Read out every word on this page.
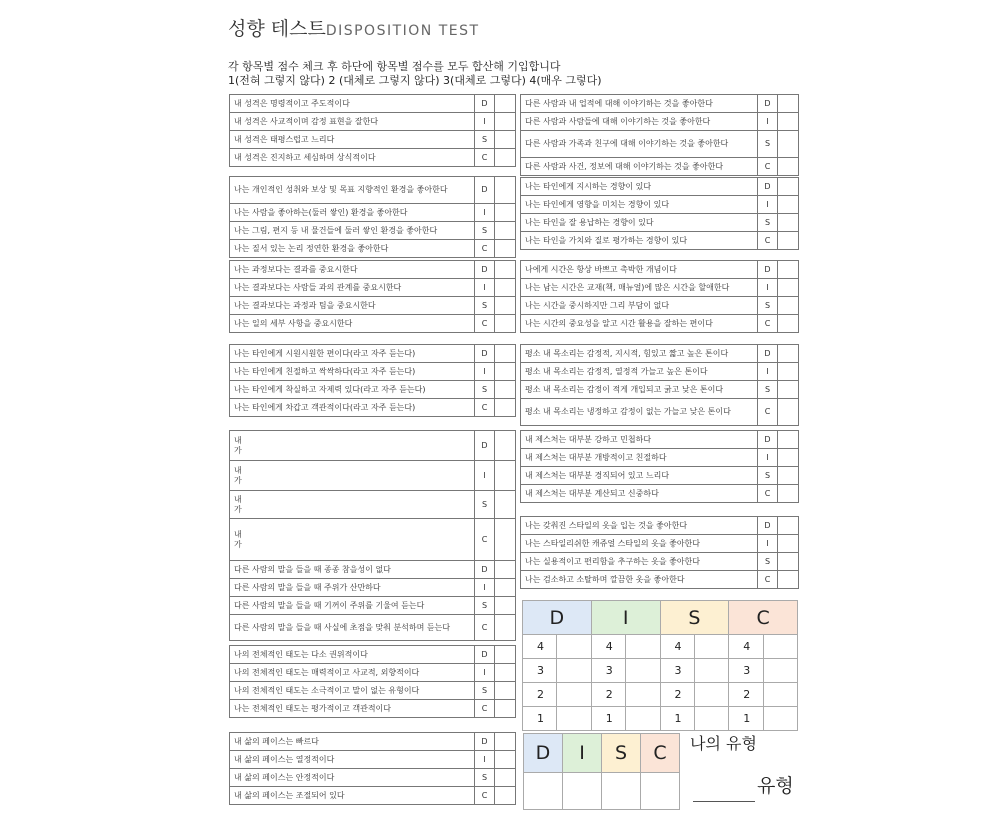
성향 테스트DISPOSITION TEST
각 항목별 점수 체크 후 하단에 항목별 점수를 모두 합산해 기입합니다
1(전혀 그렇지 않다) 2 (대체로 그렇지 않다) 3(대체로 그렇다) 4(매우 그렇다)
내 성격은 명령적이고 주도적이다	D	

내 성격은 사교적이며 감정 표현을 잘한다	I	

내 성격은 태평스럽고 느리다	S	

내 성격은 진지하고 세심하며 상식적이다	C	
나는 개인적인 성취와 보상 및 목표 지향적인 환경을 좋아한다	D	

나는 사람을 좋아하는(둘러 쌓인) 환경을 좋아한다	I	

나는 그림, 편지 등 내 물건들에 둘러 쌓인 환경을 좋아한다	S	

나는 질서 있는 논리 정연한 환경을 좋아한다	C	
나는 과정보다는 결과를 중요시한다	D	

나는 결과보다는 사람들 과의 관계를 중요시한다	I	

나는 결과보다는 과정과 팀을 중요시한다	S	

나는 일의 세부 사항을 중요시한다	C	
나는 타인에게 시원시원한 편이다(라고 자주 듣는다)	D	

나는 타인에게 친절하고 싹싹하다(라고 자주 듣는다)	I	

나는 타인에게 착실하고 자제력 있다(라고 자주 듣는다)	S	

나는 타인에게 차갑고 객관적이다(라고 자주 듣는다)	C	
내
가	D	

내
가	I	

내
가	S	

내
가	C	
다른 사람의 말을 들을 때 종종 참을성이 없다	D	

다른 사람의 말을 들을 때 주위가 산만하다	I	

다른 사람의 말을 들을 때 기꺼이 주위를 기울여 듣는다	S	

다른 사람의 말을 들을 때 사실에 초점을 맞춰 분석하며 듣는다	C	
나의 전체적인 태도는 다소 권위적이다	D	

나의 전체적인 태도는 매력적이고 사교적, 외향적이다	I	

나의 전체적인 태도는 소극적이고 말이 없는 유형이다	S	

나는 전체적인 태도는 평가적이고 객관적이다	C	
내 삶의 페이스는 빠르다	D	

내 삶의 페이스는 열정적이다	I	

내 삶의 페이스는 안정적이다	S	

내 삶의 페이스는 조절되어 있다	C	
다른 사람과 내 업적에 대해 이야기하는 것을 좋아한다	D	

다른 사람과 사람들에 대해 이야기하는 것을 좋아한다	I	

다른 사람과 가족과 친구에 대해 이야기하는 것을 좋아한다	S	

다른 사람과 사건, 정보에 대해 이야기하는 것을 좋아한다	C	
나는 타인에게 지시하는 경향이 있다	D	

나는 타인에게 영향을 미치는 경향이 있다	I	

나는 타인을 잘 용납하는 경향이 있다	S	

나는 타인을 가치와 질로 평가하는 경향이 있다	C	
나에게 시간은 항상 바쁘고 촉박한 개념이다	D	

나는 남는 시간은 교재(책, 매뉴얼)에 많은 시간을 할애한다	I	

나는 시간을 중시하지만 그리 부담이 없다	S	

나는 시간의 중요성을 알고 시간 활용을 잘하는 편이다	C	
평소 내 목소리는 감정적, 지시적, 힘있고 짧고 높은 톤이다	D	

평소 내 목소리는 감정적, 열정적 가늘고 높은 톤이다	I	

평소 내 목소리는 감정이 적게 개입되고 굵고 낮은 톤이다	S	

평소 내 목소리는 냉정하고 감정이 없는 가늘고 낮은 톤이다	C	
내 제스처는 대부분 강하고 민첩하다	D	

내 제스처는 대부분 개방적이고 친절하다	I	

내 제스처는 대부분 경직되어 있고 느리다	S	

내 제스처는 대부분 계산되고 신중하다	C	
나는 갖춰진 스타일의 옷을 입는 것을 좋아한다	D	

나는 스타일리쉬한 캐쥬얼 스타일의 옷을 좋아한다	I	

나는 실용적이고 편리함을 추구하는 옷을 좋아한다	S	

나는 검소하고 소탈하며 깔끔한 옷을 좋아한다	C	
D		I		S		C	
4		4		4		4	
3		3		3		3	
2		2		2		2	
1		1		1		1	
D	I	S	C
			나의 유형
유형
